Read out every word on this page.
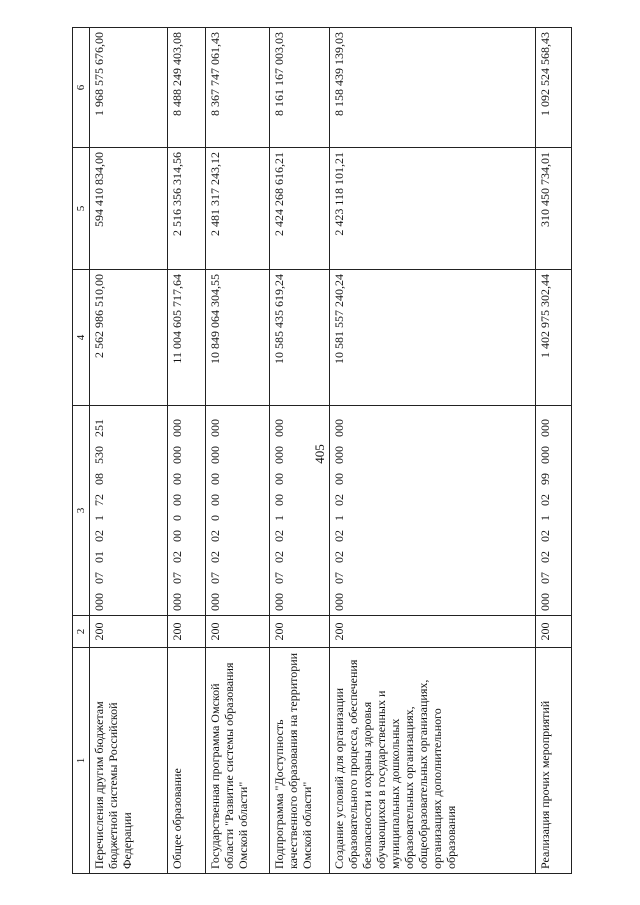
405
1	2	3	4	5	6
Перечисления другим бюджетам бюджетной системы Российской Федерации	200	00007010217208530251	2 562 986 510,00	594 410 834,00	1 968 575 676,00
Общее образование	200	00007020000000000000	11 004 605 717,64	2 516 356 314,56	8 488 249 403,08
Государственная программа Омской области "Развитие системы образования Омской области"	200	00007020200000000000	10 849 064 304,55	2 481 317 243,12	8 367 747 061,43
Подпрограмма "Доступность качественного образования на территории Омской области"	200	00007020210000000000	10 585 435 619,24	2 424 268 616,21	8 161 167 003,03
Создание условий для организации образовательного процесса, обеспечения безопасности и охраны здоровья обучающихся в государственных и муниципальных дошкольных образовательных организациях, общеобразовательных организациях, организациях дополнительного образования	200	00007020210200000000	10 581 557 240,24	2 423 118 101,21	8 158 439 139,03
Реализация прочих мероприятий	200	00007020210299000000	1 402 975 302,44	310 450 734,01	1 092 524 568,43
